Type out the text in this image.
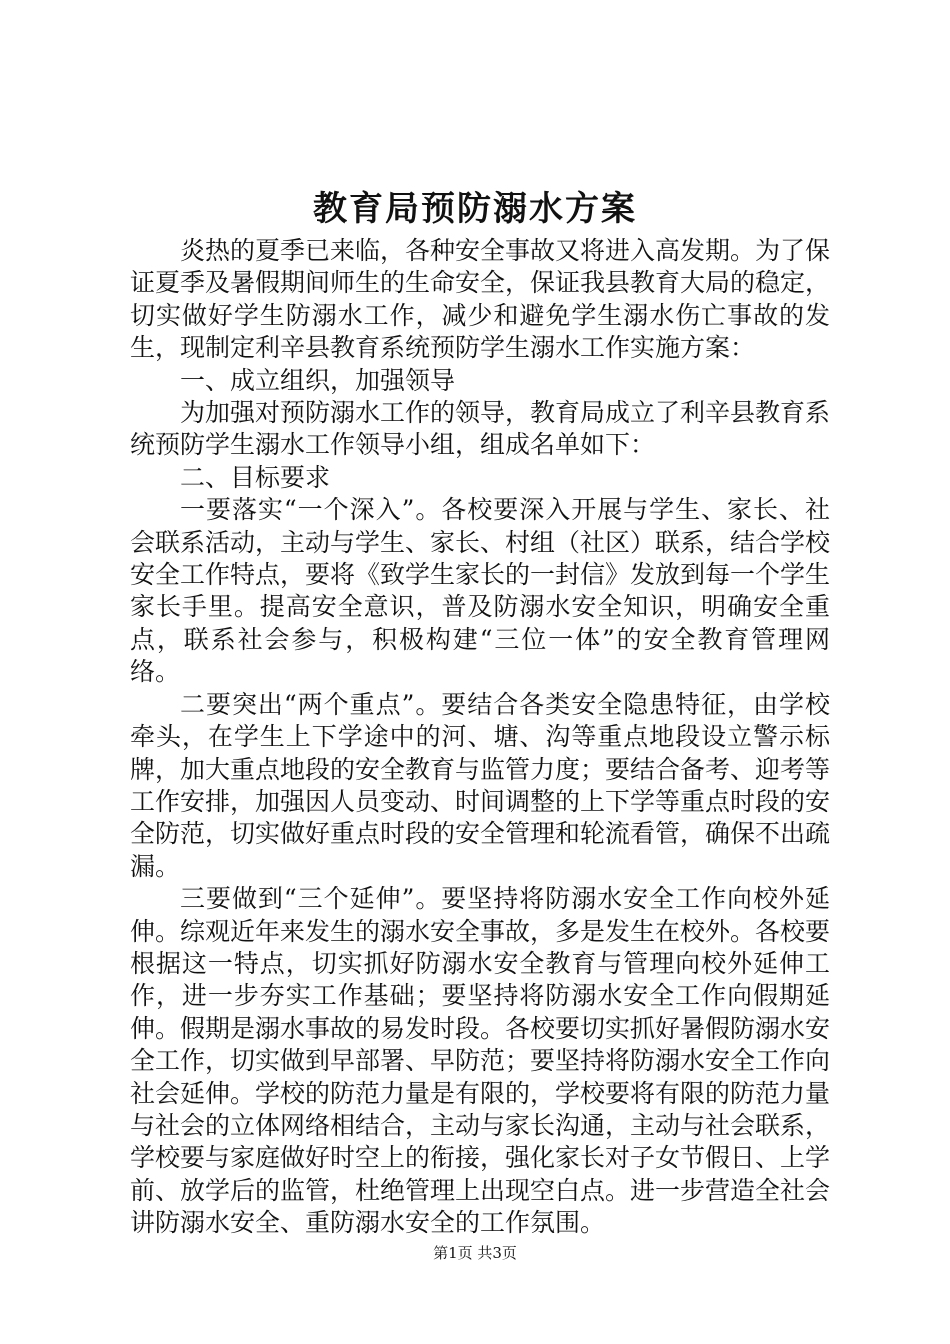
教育局预防溺水方案

炎热的夏季已来临，各种安全事故又将进入高发期。为了保证夏季及暑假期间师生的生命安全，保证我县教育大局的稳定，切实做好学生防溺水工作，减少和避免学生溺水伤亡事故的发生，现制定利辛县教育系统预防学生溺水工作实施方案：

一、成立组织，加强领导

为加强对预防溺水工作的领导，教育局成立了利辛县教育系统预防学生溺水工作领导小组，组成名单如下：

二、目标要求

一要落实“一个深入”。各校要深入开展与学生、家长、社会联系活动，主动与学生、家长、村组（社区）联系，结合学校安全工作特点，要将《致学生家长的一封信》发放到每一个学生家长手里。提高安全意识，普及防溺水安全知识，明确安全重点，联系社会参与，积极构建“三位一体”的安全教育管理网络。

二要突出“两个重点”。要结合各类安全隐患特征，由学校牵头，在学生上下学途中的河、塘、沟等重点地段设立警示标牌，加大重点地段的安全教育与监管力度；要结合备考、迎考等工作安排，加强因人员变动、时间调整的上下学等重点时段的安全防范，切实做好重点时段的安全管理和轮流看管，确保不出疏漏。

三要做到“三个延伸”。要坚持将防溺水安全工作向校外延伸。综观近年来发生的溺水安全事故，多是发生在校外。各校要根据这一特点，切实抓好防溺水安全教育与管理向校外延伸工作，进一步夯实工作基础；要坚持将防溺水安全工作向假期延伸。假期是溺水事故的易发时段。各校要切实抓好暑假防溺水安全工作，切实做到早部署、早防范；要坚持将防溺水安全工作向社会延伸。学校的防范力量是有限的，学校要将有限的防范力量与社会的立体网络相结合，主动与家长沟通，主动与社会联系，学校要与家庭做好时空上的衔接，强化家长对子女节假日、上学前、放学后的监管，杜绝管理上出现空白点。进一步营造全社会讲防溺水安全、重防溺水安全的工作氛围。

第1页 共3页
